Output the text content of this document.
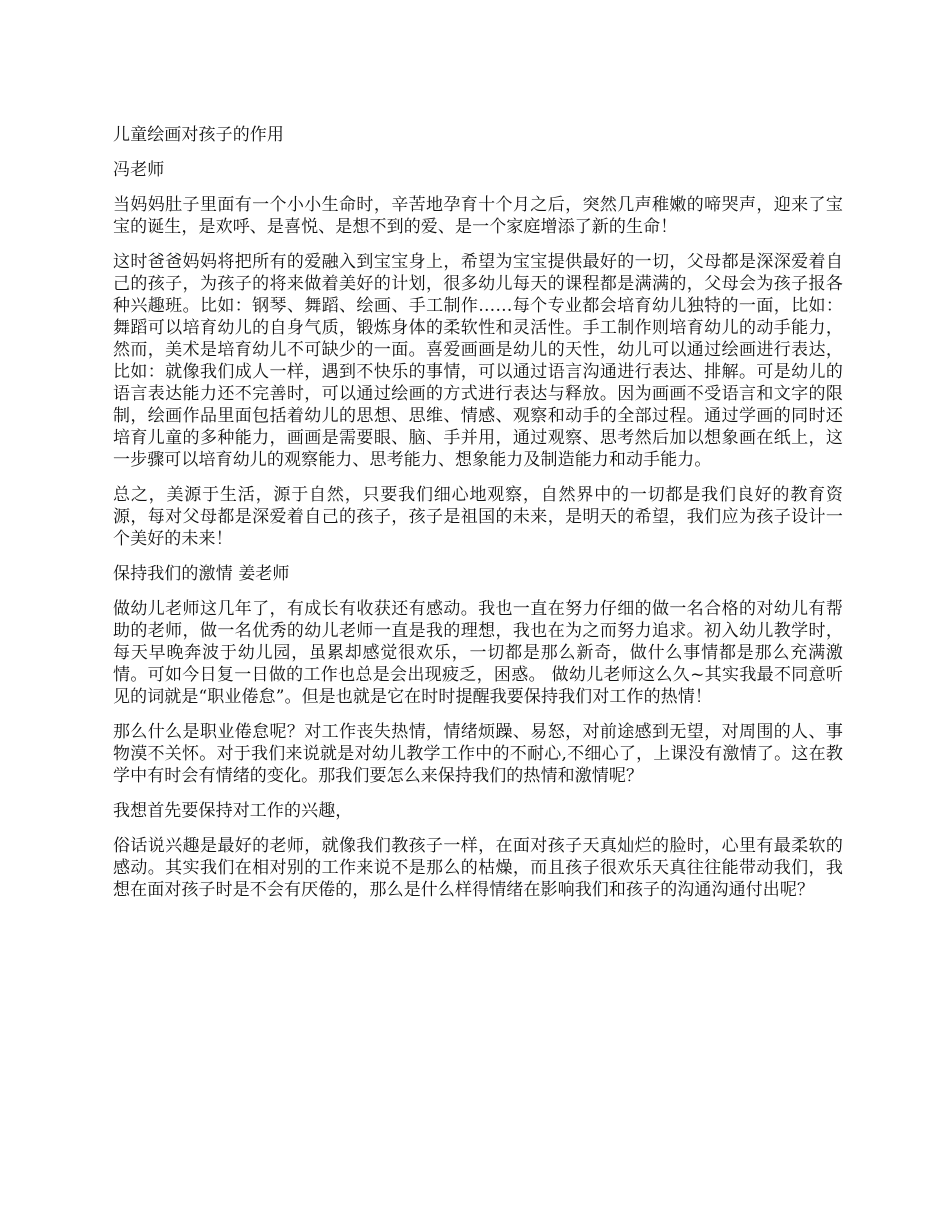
儿童绘画对孩子的作用

冯老师

当妈妈肚子里面有一个小小生命时，辛苦地孕育十个月之后，突然几声稚嫩的啼哭声，迎来了宝宝的诞生，是欢呼、是喜悦、是想不到的爱、是一个家庭增添了新的生命！

这时爸爸妈妈将把所有的爱融入到宝宝身上，希望为宝宝提供最好的一切，父母都是深深爱着自己的孩子，为孩子的将来做着美好的计划，很多幼儿每天的课程都是满满的，父母会为孩子报各种兴趣班。比如：钢琴、舞蹈、绘画、手工制作……每个专业都会培育幼儿独特的一面，比如：舞蹈可以培育幼儿的自身气质，锻炼身体的柔软性和灵活性。手工制作则培育幼儿的动手能力，然而，美术是培育幼儿不可缺少的一面。喜爱画画是幼儿的天性，幼儿可以通过绘画进行表达，比如：就像我们成人一样，遇到不快乐的事情，可以通过语言沟通进行表达、排解。可是幼儿的语言表达能力还不完善时，可以通过绘画的方式进行表达与释放。因为画画不受语言和文字的限制，绘画作品里面包括着幼儿的思想、思维、情感、观察和动手的全部过程。通过学画的同时还培育儿童的多种能力，画画是需要眼、脑、手并用，通过观察、思考然后加以想象画在纸上，这一步骤可以培育幼儿的观察能力、思考能力、想象能力及制造能力和动手能力。

总之，美源于生活，源于自然，只要我们细心地观察，自然界中的一切都是我们良好的教育资源，每对父母都是深爱着自己的孩子，孩子是祖国的未来，是明天的希望，我们应为孩子设计一个美好的未来！

保持我们的激情 姜老师

做幼儿老师这几年了，有成长有收获还有感动。我也一直在努力仔细的做一名合格的对幼儿有帮助的老师，做一名优秀的幼儿老师一直是我的理想，我也在为之而努力追求。初入幼儿教学时，每天早晚奔波于幼儿园，虽累却感觉很欢乐，一切都是那么新奇，做什么事情都是那么充满激情。可如今日复一日做的工作也总是会出现疲乏，困惑。 做幼儿老师这么久~其实我最不同意听见的词就是“职业倦怠”。但是也就是它在时时提醒我要保持我们对工作的热情！

那么什么是职业倦怠呢？对工作丧失热情，情绪烦躁、易怒，对前途感到无望，对周围的人、事物漠不关怀。对于我们来说就是对幼儿教学工作中的不耐心,不细心了，上课没有激情了。这在教学中有时会有情绪的变化。那我们要怎么来保持我们的热情和激情呢？

我想首先要保持对工作的兴趣，

俗话说兴趣是最好的老师，就像我们教孩子一样，在面对孩子天真灿烂的脸时，心里有最柔软的感动。其实我们在相对别的工作来说不是那么的枯燥，而且孩子很欢乐天真往往能带动我们，我想在面对孩子时是不会有厌倦的，那么是什么样得情绪在影响我们和孩子的沟通沟通付出呢？
